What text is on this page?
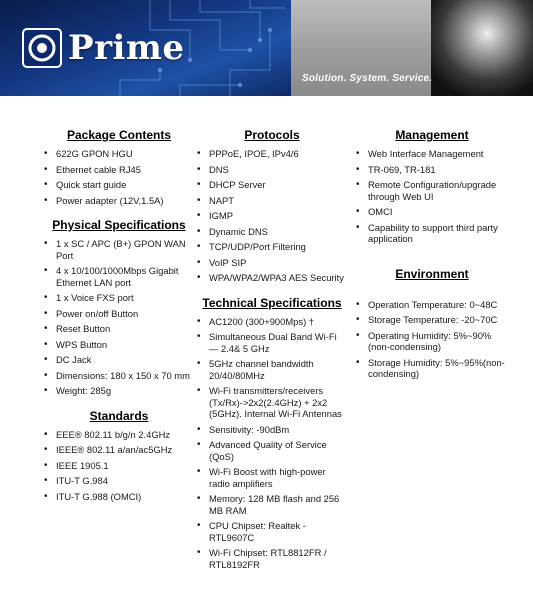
Prime
Solution. System. Service.
Package Contents
• 622G GPON HGU
• Ethernet cable RJ45
• Quick start guide
• Power adapter (12V,1.5A)
Physical Specifications
• 1 x SC / APC (B+) GPON WAN Port
• 4 x 10/100/1000Mbps Gigabit Ethernet LAN port
• 1 x Voice FXS port
• Power on/off Button
• Reset Button
• WPS Button
• DC Jack
• Dimensions: 180 x 150 x 70 mm
• Weight: 285g
Standards
• EEE® 802.11 b/g/n 2.4GHz
• IEEE® 802.11 a/an/ac5GHz
• IEEE 1905.1
• ITU-T G.984
• ITU-T G.988 (OMCI)
Protocols
• PPPoE, IPOE, IPv4/6
• DNS
• DHCP Server
• NAPT
• IGMP
• Dynamic DNS
• TCP/UDP/Port Filtering
• VoIP SIP
• WPA/WPA2/WPA3 AES Security
Technical Specifications
• AC1200 (300+900Mps) †
• Simultaneous Dual Band Wi-Fi — 2.4& 5 GHz
• 5GHz channel bandwidth 20/40/80MHz
• Wi-Fi transmitters/receivers (Tx/Rx)->2x2(2.4GHz) + 2x2 (5GHz). Internal Wi-Fi Antennas
• Sensitivity: -90dBm
• Advanced Quality of Service (QoS)
• Wi-Fi Boost with high-power radio amplifiers
• Memory: 128 MB flash and 256 MB RAM
• CPU Chipset: Realtek -RTL9607C
• Wi-Fi Chipset: RTL8812FR / RTL8192FR
Management
• Web Interface Management
• TR-069, TR-181
• Remote Configuration/upgrade through Web UI
• OMCI
• Capability to support third party application
Environment
• Operation Temperature: 0~48C
• Storage Temperature: -20~70C
• Operating Humidity: 5%~90%(non-condensing)
• Storage Humidity: 5%~95%(non-condensing)
